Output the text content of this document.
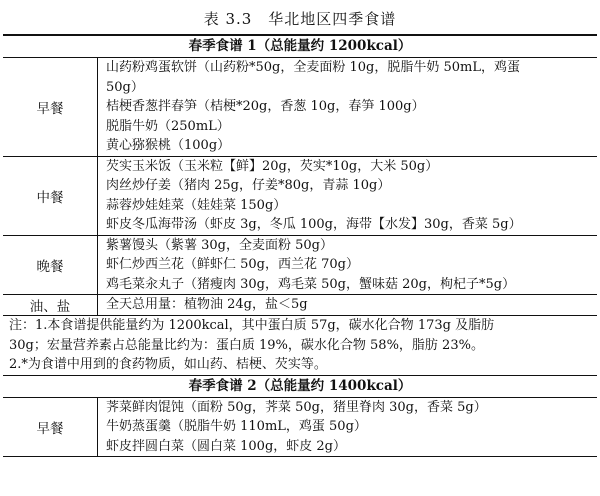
表 3.3　华北地区四季食谱
春季食谱 1（总能量约 1200kcal）
早餐
山药粉鸡蛋软饼（山药粉*50g，全麦面粉 10g，脱脂牛奶 50mL，鸡蛋
50g）
桔梗香葱拌春笋（桔梗*20g，香葱 10g，春笋 100g）
脱脂牛奶（250mL）
黄心猕猴桃（100g）
中餐
芡实玉米饭（玉米粒【鲜】20g，芡实*10g，大米 50g）
肉丝炒仔姜（猪肉 25g，仔姜*80g，青蒜 10g）
蒜蓉炒娃娃菜（娃娃菜 150g）
虾皮冬瓜海带汤（虾皮 3g，冬瓜 100g，海带【水发】30g，香菜 5g）
晚餐
紫薯馒头（紫薯 30g，全麦面粉 50g）
虾仁炒西兰花（鲜虾仁 50g，西兰花 70g）
鸡毛菜汆丸子（猪瘦肉 30g，鸡毛菜 50g，蟹味菇 20g，枸杞子*5g）
油、盐	全天总用量：植物油 24g，盐＜5g
注：1.本食谱提供能量约为 1200kcal，其中蛋白质 57g，碳水化合物 173g 及脂肪
30g；宏量营养素占总能量比约为：蛋白质 19%，碳水化合物 58%，脂肪 23%。
2.*为食谱中用到的食药物质，如山药、桔梗、芡实等。
春季食谱 2（总能量约 1400kcal）
早餐
荠菜鲜肉馄饨（面粉 50g，荠菜 50g，猪里脊肉 30g，香菜 5g）
牛奶蒸蛋羹（脱脂牛奶 110mL，鸡蛋 50g）
虾皮拌圆白菜（圆白菜 100g，虾皮 2g）
